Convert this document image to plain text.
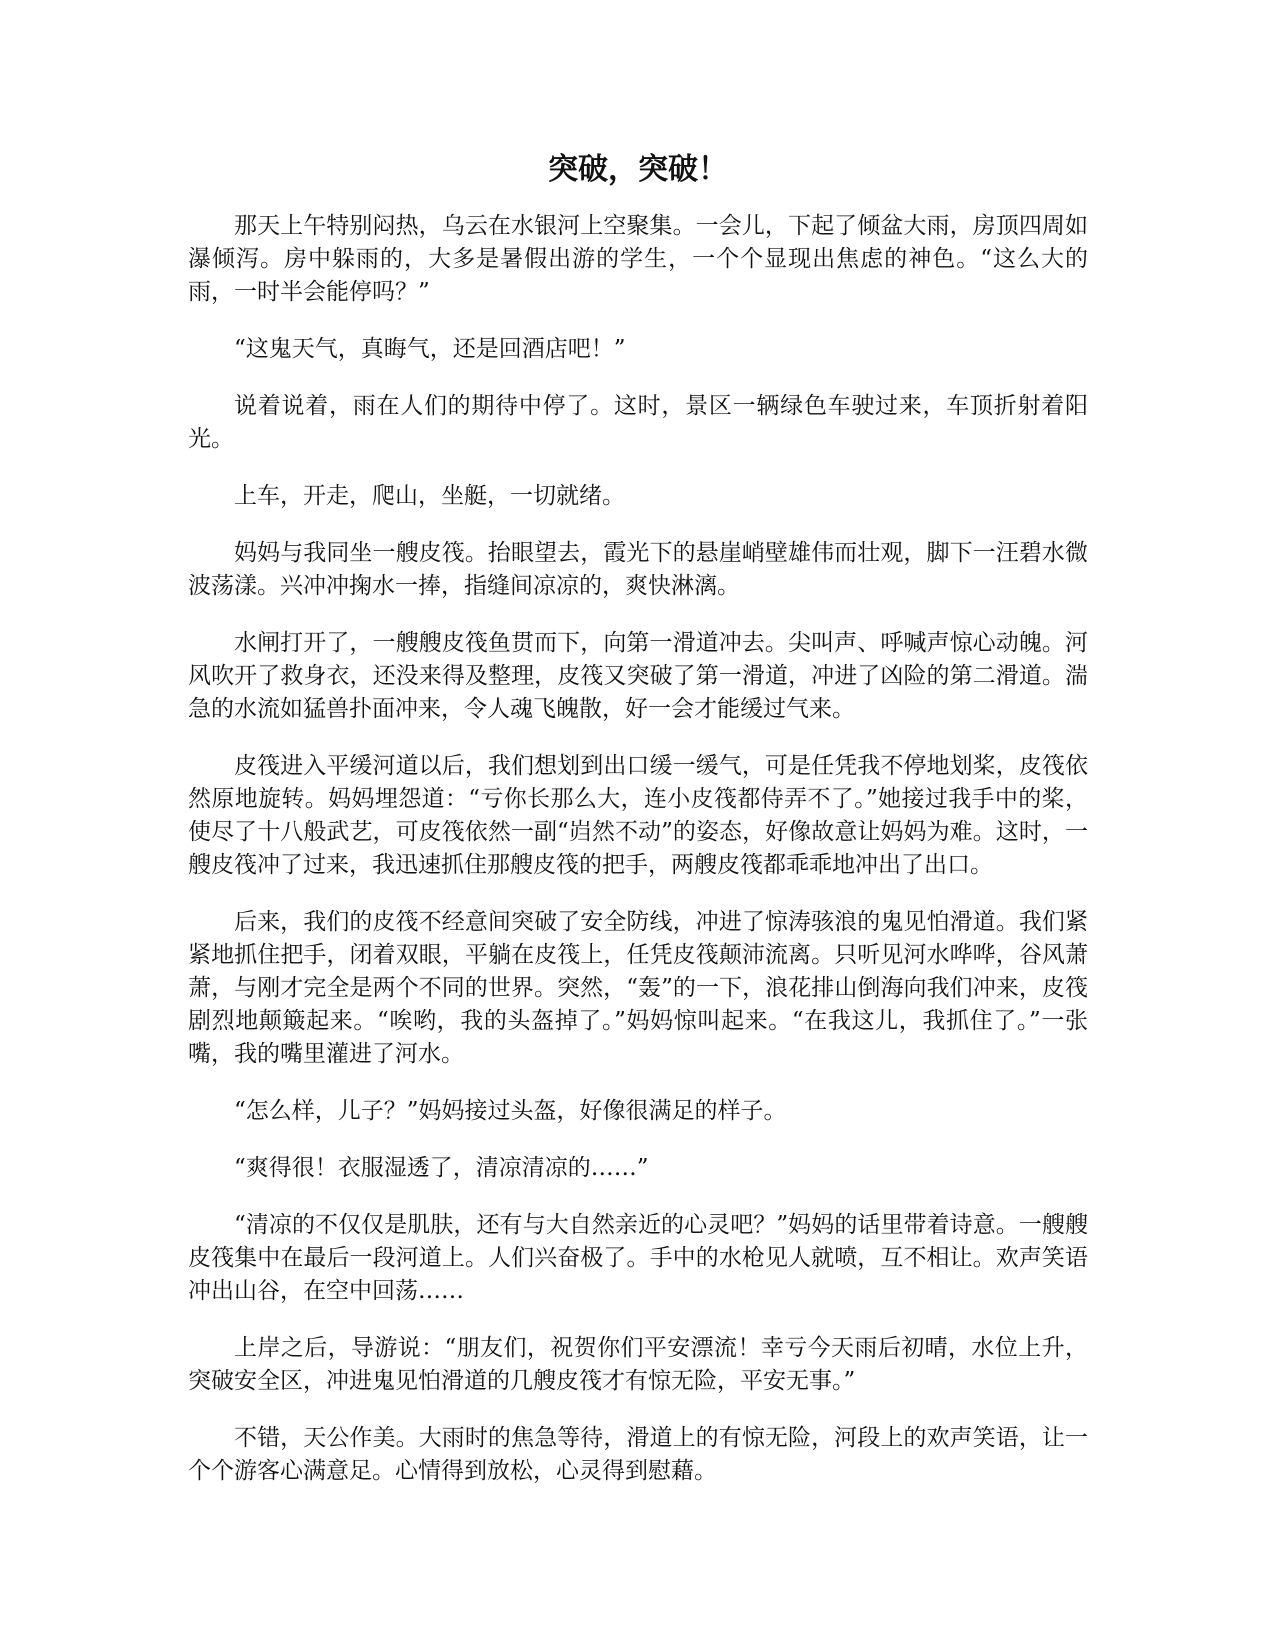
突破，突破！

那天上午特别闷热，乌云在水银河上空聚集。一会儿，下起了倾盆大雨，房顶四周如瀑倾泻。房中躲雨的，大多是暑假出游的学生，一个个显现出焦虑的神色。“这么大的雨，一时半会能停吗？”

“这鬼天气，真晦气，还是回酒店吧！”

说着说着，雨在人们的期待中停了。这时，景区一辆绿色车驶过来，车顶折射着阳光。

上车，开走，爬山，坐艇，一切就绪。

妈妈与我同坐一艘皮筏。抬眼望去，霞光下的悬崖峭壁雄伟而壮观，脚下一汪碧水微波荡漾。兴冲冲掬水一捧，指缝间凉凉的，爽快淋漓。

水闸打开了，一艘艘皮筏鱼贯而下，向第一滑道冲去。尖叫声、呼喊声惊心动魄。河风吹开了救身衣，还没来得及整理，皮筏又突破了第一滑道，冲进了凶险的第二滑道。湍急的水流如猛兽扑面冲来，令人魂飞魄散，好一会才能缓过气来。

皮筏进入平缓河道以后，我们想划到出口缓一缓气，可是任凭我不停地划桨，皮筏依然原地旋转。妈妈埋怨道：“亏你长那么大，连小皮筏都侍弄不了。”她接过我手中的桨，使尽了十八般武艺，可皮筏依然一副“岿然不动”的姿态，好像故意让妈妈为难。这时，一艘皮筏冲了过来，我迅速抓住那艘皮筏的把手，两艘皮筏都乖乖地冲出了出口。

后来，我们的皮筏不经意间突破了安全防线，冲进了惊涛骇浪的鬼见怕滑道。我们紧紧地抓住把手，闭着双眼，平躺在皮筏上，任凭皮筏颠沛流离。只听见河水哗哗，谷风萧萧，与刚才完全是两个不同的世界。突然，“轰”的一下，浪花排山倒海向我们冲来，皮筏剧烈地颠簸起来。“唉哟，我的头盔掉了。”妈妈惊叫起来。“在我这儿，我抓住了。”一张嘴，我的嘴里灌进了河水。

“怎么样，儿子？”妈妈接过头盔，好像很满足的样子。

“爽得很！衣服湿透了，清凉清凉的……”

“清凉的不仅仅是肌肤，还有与大自然亲近的心灵吧？”妈妈的话里带着诗意。一艘艘皮筏集中在最后一段河道上。人们兴奋极了。手中的水枪见人就喷，互不相让。欢声笑语冲出山谷，在空中回荡……

上岸之后，导游说：“朋友们，祝贺你们平安漂流！幸亏今天雨后初晴，水位上升，突破安全区，冲进鬼见怕滑道的几艘皮筏才有惊无险，平安无事。”

不错，天公作美。大雨时的焦急等待，滑道上的有惊无险，河段上的欢声笑语，让一个个游客心满意足。心情得到放松，心灵得到慰藉。
